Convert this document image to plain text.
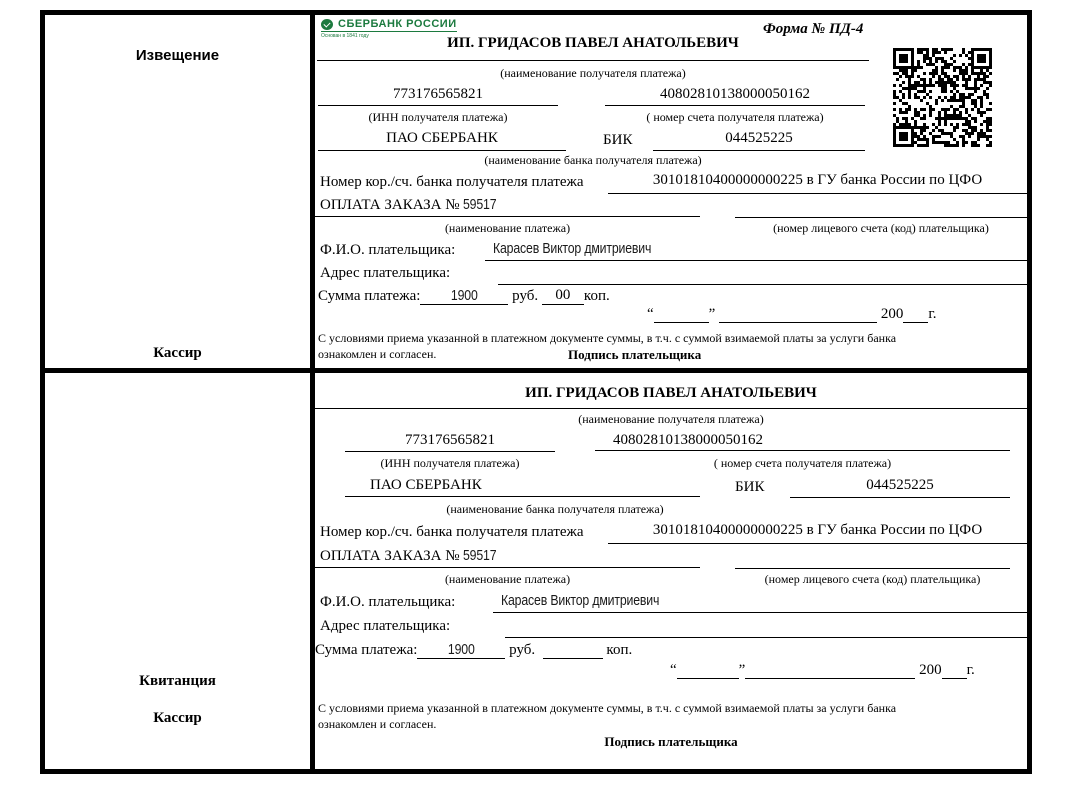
Извещение
Кассир
СБЕРБАНК РОССИИ
Основан в 1841 году	Форма № ПД-4
ИП. ГРИДАСОВ ПАВЕЛ АНАТОЛЬЕВИЧ
(наименование получателя платежа)
773176565821	40802810138000050162
(ИНН получателя платежа)	( номер счета получателя платежа)
ПАО СБЕРБАНК	БИК	044525225
(наименование банка получателя платежа)
Номер кор./сч. банка получателя платежа	30101810400000000225 в ГУ банка России по ЦФО
ОПЛАТА ЗАКАЗА № 59517
(наименование платежа)	(номер лицевого счета (код) плательщика)
Ф.И.О. плательщика:	Карасев Виктор дмитриевич
Адрес плательщика:
Сумма платежа: 1900 руб. 00 коп.
“	”	200 г.
С условиями приема указанной в платежном документе суммы, в т.ч. с суммой взимаемой платы за услуги банка
ознакомлен и согласен.	Подпись плательщика
Квитанция
Кассир
ИП. ГРИДАСОВ ПАВЕЛ АНАТОЛЬЕВИЧ
(наименование получателя платежа)
773176565821	40802810138000050162
(ИНН получателя платежа)	( номер счета получателя платежа)
ПАО СБЕРБАНК	БИК	044525225
(наименование банка получателя платежа)
Номер кор./сч. банка получателя платежа	30101810400000000225 в ГУ банка России по ЦФО
ОПЛАТА ЗАКАЗА № 59517
(наименование платежа)	(номер лицевого счета (код) плательщика)
Ф.И.О. плательщика:	Карасев Виктор дмитриевич
Адрес плательщика:
Сумма платежа: 1900 руб.	коп.
“	”	200 г.
С условиями приема указанной в платежном документе суммы, в т.ч. с суммой взимаемой платы за услуги банка
ознакомлен и согласен.
Подпись плательщика
